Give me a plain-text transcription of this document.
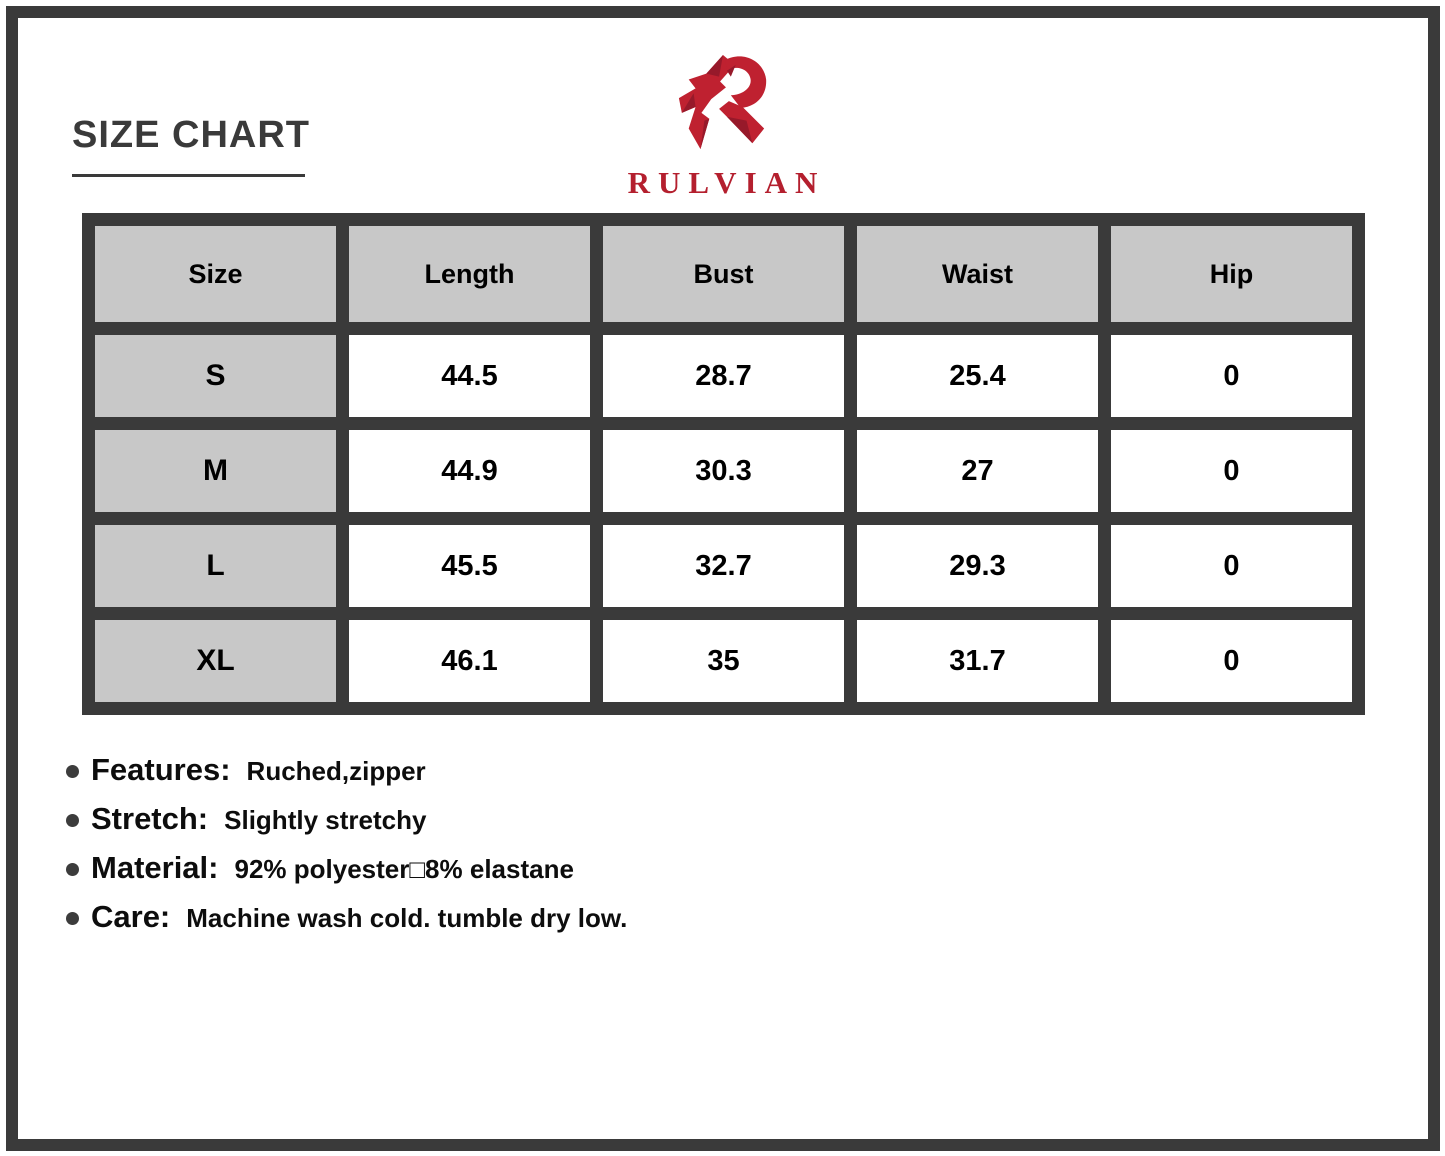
SIZE CHART
RULVIAN
Size	Length	Bust	Waist	Hip
S	44.5	28.7	25.4	0
M	44.9	30.3	27	0
L	45.5	32.7	29.3	0
XL	46.1	35	31.7	0
Features: Ruched,zipper
Stretch: Slightly stretchy
Material: 92% polyester□8% elastane
Care: Machine wash cold. tumble dry low.
